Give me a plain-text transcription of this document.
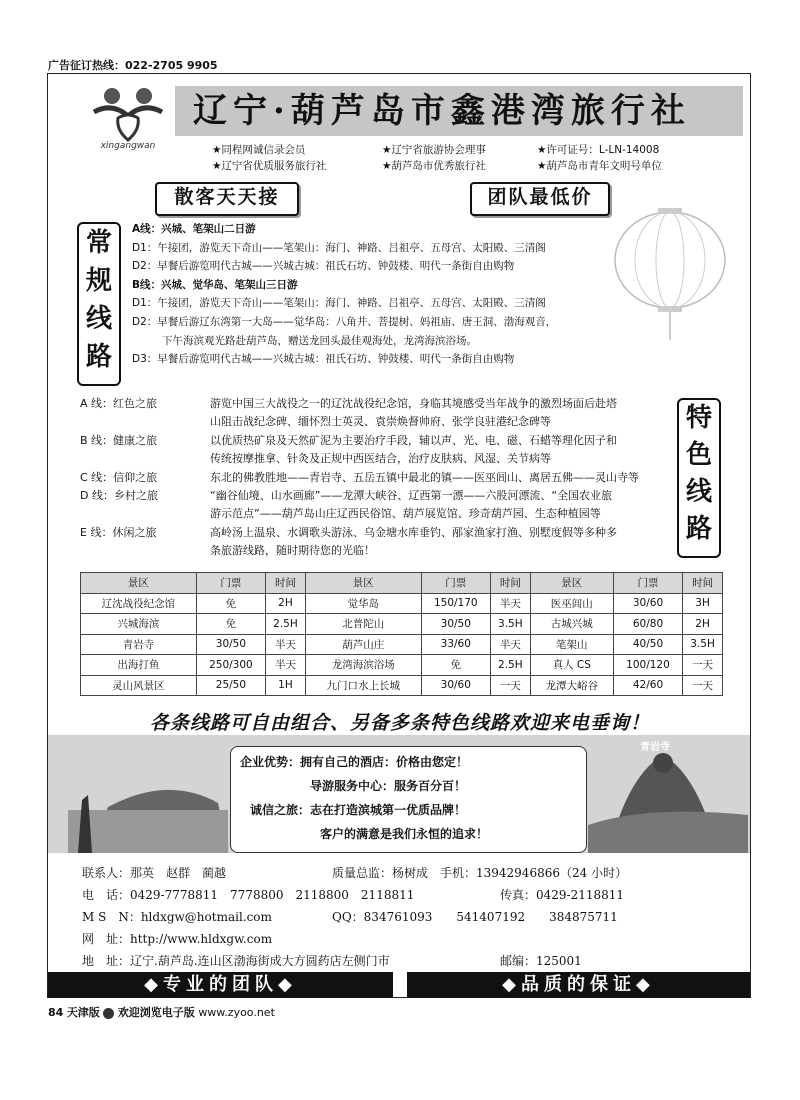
广告征订热线：022-2705 9905
xingangwan
辽宁·葫芦岛市鑫港湾旅行社
★同程网诚信录会员	★辽宁省旅游协会理事	★许可证号：L-LN-14008
★辽宁省优质服务旅行社	★葫芦岛市优秀旅行社	★葫芦岛市青年文明号单位
散客天天接	团队最低价
常
规
线
路
A线：兴城、笔架山二日游
D1：午接团，游览天下奇山——笔架山：海门、神路、吕祖亭、五母宫、太阳殿、三清阁
D2：早餐后游览明代古城——兴城古城：祖氏石坊、钟鼓楼、明代一条街自由购物
B线：兴城、觉华岛、笔架山三日游
D1：午接团，游览天下奇山——笔架山：海门、神路、吕祖亭、五母宫、太阳殿、三清阁
D2：早餐后游辽东湾第一大岛——觉华岛：八角井、菩提树、妈祖庙、唐王洞、渤海观音，
下午海滨观光路赴葫芦岛，赠送龙回头最佳观海处，龙湾海滨浴场。
D3：早餐后游览明代古城——兴城古城：祖氏石坊、钟鼓楼、明代一条街自由购物
A 线：红色之旅	游览中国三大战役之一的辽沈战役纪念馆，身临其境感受当年战争的激烈场面后赴塔
山阻击战纪念碑、缅怀烈士英灵、袁崇焕督帅府、张学良驻港纪念碑等
B 线：健康之旅	以优质热矿泉及天然矿泥为主要治疗手段，辅以声、光、电、磁、石蜡等理化因子和
传统按摩推拿、针灸及正规中西医结合，治疗皮肤病、风湿、关节病等
C 线：信仰之旅	东北的佛教胜地——青岩寺、五岳五镇中最北的镇——医巫闾山、离居五佛——灵山寺等
D 线：乡村之旅	“幽谷仙境、山水画廊”——龙潭大峡谷、辽西第一漂——六股河漂流、“全国农业旅
游示范点”——葫芦岛山庄辽西民俗馆、葫芦展览馆、珍奇葫芦园、生态种植园等
E 线：休闲之旅	高岭汤上温泉、水调歌头游泳、乌金塘水库垂钓、邴家渔家打渔、别墅度假等多种多
条旅游线路，随时期待您的光临！
特
色
线
路
景区	门票	时间	景区	门票	时间	景区	门票	时间
辽沈战役纪念馆	免	2H	觉华岛	150/170	半天	医巫闾山	30/60	3H
兴城海滨	免	2.5H	北普陀山	30/50	3.5H	古城兴城	60/80	2H
青岩寺	30/50	半天	葫芦山庄	33/60	半天	笔架山	40/50	3.5H
出海打鱼	250/300	半天	龙湾海滨浴场	免	2.5H	真人 CS	100/120	一天
灵山风景区	25/50	1H	九门口水上长城	30/60	一天	龙潭大峪谷	42/60	一天
各条线路可自由组合、另备多条特色线路欢迎来电垂询！
青岩寺
企业优势：拥有自己的酒店：价格由您定！
导游服务中心：服务百分百！
诚信之旅：志在打造滨城第一优质品牌！
客户的满意是我们永恒的追求！
联系人：那英　赵群　蔺越	质量总监：杨树成　手机：13942946866（24 小时）
电　话：0429-7778811　7778800　2118800　2118811	传真：0429-2118811
M S　N：hldxgw@hotmail.com	QQ：834761093　　541407192　　384875711
网　址：http://www.hldxgw.com
地　址：辽宁.葫芦岛.连山区渤海街成大方圆药店左侧门市	邮编：125001
◆专业的团队◆	◆品质的保证◆
84 天津版 欢迎浏览电子版 www.zyoo.net
